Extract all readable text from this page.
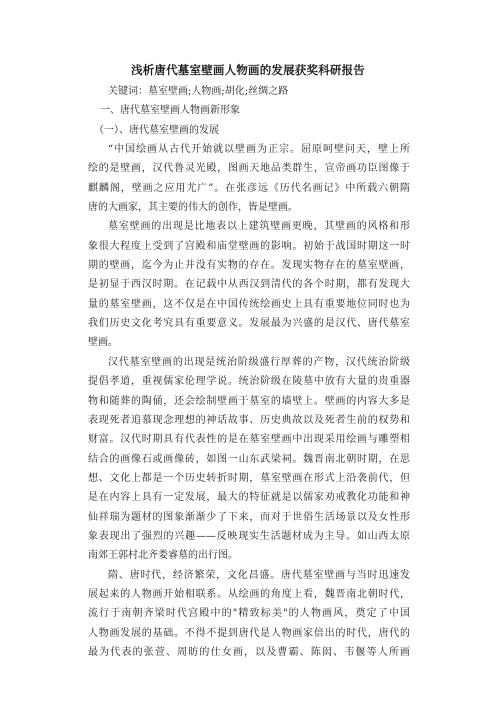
浅析唐代墓室壁画人物画的发展获奖科研报告
关键词：墓室壁画;人物画;胡化;丝绸之路
一、唐代墓室壁画人物画新形象
（一）、唐代墓室壁画的发展
“中国绘画从古代开始就以壁画为正宗。屈原呵壁问天，壁上所
绘的是壁画，汉代鲁灵光殿，图画天地品类群生，宣帝画功臣图像于
麒麟阁，壁画之应用尤广”。在张彦远《历代名画记》中所载六朝隋
唐的大画家，其主要的伟大的创作，皆是壁画。
墓室壁画的出现是比地表以上建筑壁画更晚，其壁画的风格和形
象很大程度上受到了宫殿和庙堂壁画的影响。初始于战国时期这一时
期的壁画，迄今为止并没有实物的存在。发现实物存在的墓室壁画，
是初显于西汉时期。在记载中从西汉到清代的各个时期，都有发现大
量的墓室壁画，这不仅是在中国传统绘画史上具有重要地位同时也为
我们历史文化考究具有重要意义。发展最为兴盛的是汉代、唐代墓室
壁画。
汉代墓室壁画的出现是统治阶级盛行厚葬的产物，汉代统治阶级
提倡孝道，重视儒家伦理学说。统治阶级在陵墓中放有大量的贵重器
物和随葬的陶俑，还会绘制壁画于墓室的墙壁上。壁画的内容大多是
表现死者追慕现念理想的神话故事、历史典故以及死者生前的权势和
财富。汉代时期具有代表性的是在墓室壁画中出现采用绘画与雕塑相
结合的画像石或画像砖，如图一山东武梁祠。魏晋南北朝时期，在思
想、文化上都是一个历史转折时期，墓室壁画在形式上沿袭前代，但
是在内容上具有一定发展，最大的特征就是以儒家劝戒教化功能和神
仙祥瑞为题材的图象渐渐少了下来，而对于世俗生活场景以及女性形
象表现出了强烈的兴趣——反映现实生活题材成为主导。如山西太原
南郊王郭村北齐娄睿墓的出行图。
隋、唐时代，经济繁荣，文化昌盛。唐代墓室壁画与当时迅速发
展起来的人物画开始相联系。从绘画的角度上看，魏晋南北朝时代，
流行于南朝齐梁时代宫殿中的"精致标美"的人物画风，奠定了中国
人物画发展的基础。不得不提到唐代是人物画家倍出的时代，唐代的
最为代表的张萱、周昉的仕女画，以及曹霸、陈闳、韦偃等人所画
